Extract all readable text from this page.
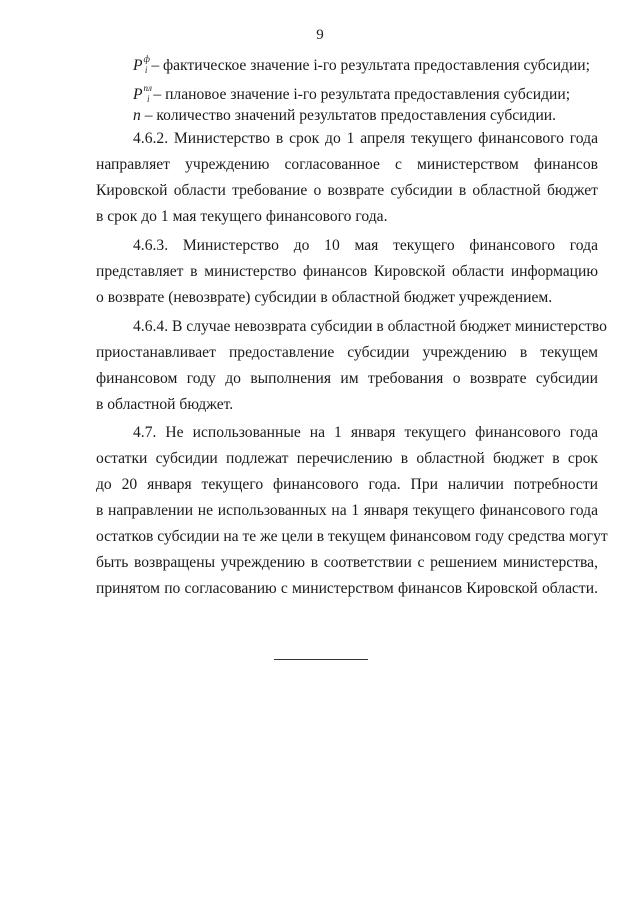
9
$P^ф_i$ – фактическое значение i-го результата предоставления субсидии;
$P^{пл}_i$ – плановое значение i-го результата предоставления субсидии;
n – количество значений результатов предоставления субсидии.
4.6.2. Министерство в срок до 1 апреля текущего финансового года
направляет учреждению согласованное с министерством финансов
Кировской области требование о возврате субсидии в областной бюджет
в срок до 1 мая текущего финансового года.
4.6.3. Министерство до 10 мая текущего финансового года
представляет в министерство финансов Кировской области информацию
о возврате (невозврате) субсидии в областной бюджет учреждением.
4.6.4. В случае невозврата субсидии в областной бюджет министерство
приостанавливает предоставление субсидии учреждению в текущем
финансовом году до выполнения им требования о возврате субсидии
в областной бюджет.
4.7. Не использованные на 1 января текущего финансового года
остатки субсидии подлежат перечислению в областной бюджет в срок
до 20 января текущего финансового года. При наличии потребности
в направлении не использованных на 1 января текущего финансового года
остатков субсидии на те же цели в текущем финансовом году средства могут
быть возвращены учреждению в соответствии с решением министерства,
принятом по согласованию с министерством финансов Кировской области.
